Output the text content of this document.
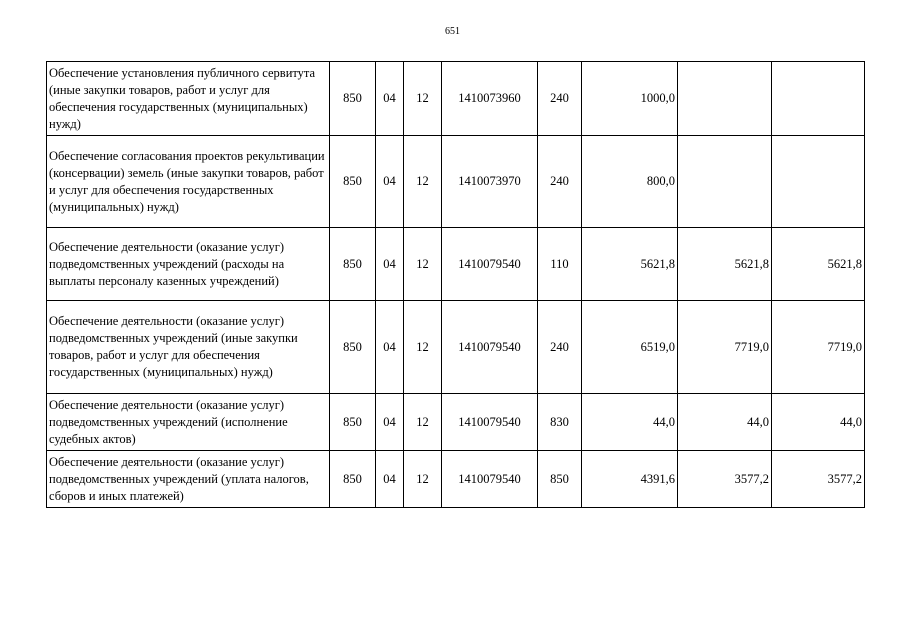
651
Обеспечение установления публичного сервитута (иные закупки товаров, работ и услуг для обеспечения государственных (муниципальных) нужд)	850	04	12	1410073960	240	1000,0		
Обеспечение согласования проектов рекультивации (консервации) земель (иные закупки товаров, работ и услуг для обеспечения государственных (муниципальных) нужд)	850	04	12	1410073970	240	800,0		
Обеспечение деятельности (оказание услуг) подведомственных учреждений (расходы на выплаты персоналу казенных учреждений)	850	04	12	1410079540	110	5621,8	5621,8	5621,8
Обеспечение деятельности (оказание услуг) подведомственных учреждений (иные закупки товаров, работ и услуг для обеспечения государственных (муниципальных) нужд)	850	04	12	1410079540	240	6519,0	7719,0	7719,0
Обеспечение деятельности (оказание услуг) подведомственных учреждений (исполнение судебных актов)	850	04	12	1410079540	830	44,0	44,0	44,0
Обеспечение деятельности (оказание услуг) подведомственных учреждений (уплата налогов, сборов и иных платежей)	850	04	12	1410079540	850	4391,6	3577,2	3577,2
